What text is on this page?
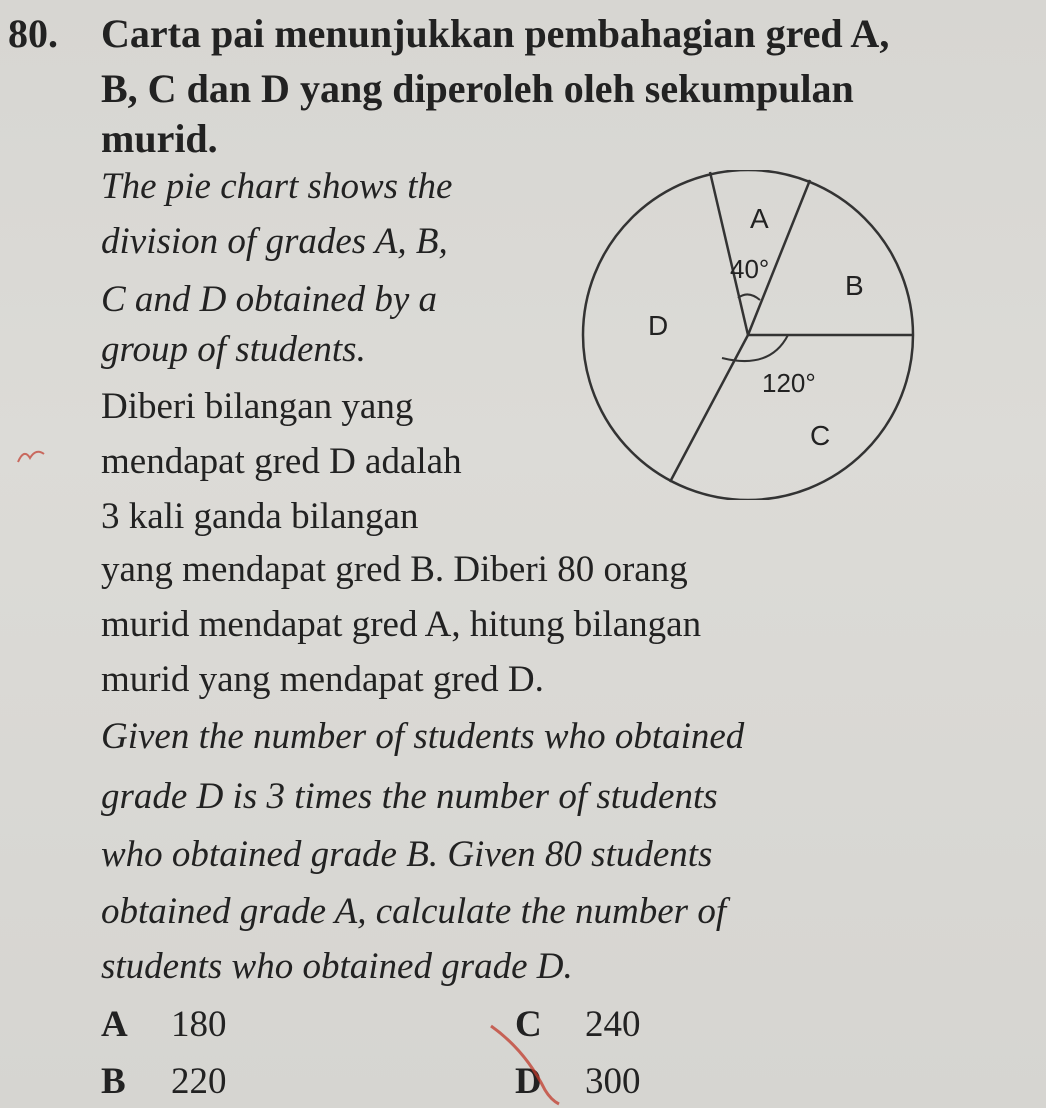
80. Carta pai menunjukkan pembahagian gred A,
B, C dan D yang diperoleh oleh sekumpulan
murid.
The pie chart shows the
division of grades A, B,
C and D obtained by a
group of students.
Diberi bilangan yang
mendapat gred D adalah
3 kali ganda bilangan
yang mendapat gred B. Diberi 80 orang
murid mendapat gred A, hitung bilangan
murid yang mendapat gred D.
Given the number of students who obtained
grade D is 3 times the number of students
who obtained grade B. Given 80 students
obtained grade A, calculate the number of
students who obtained grade D.
A 180
B 220
C 240
D 300
A
B
C
D
40°
120°
